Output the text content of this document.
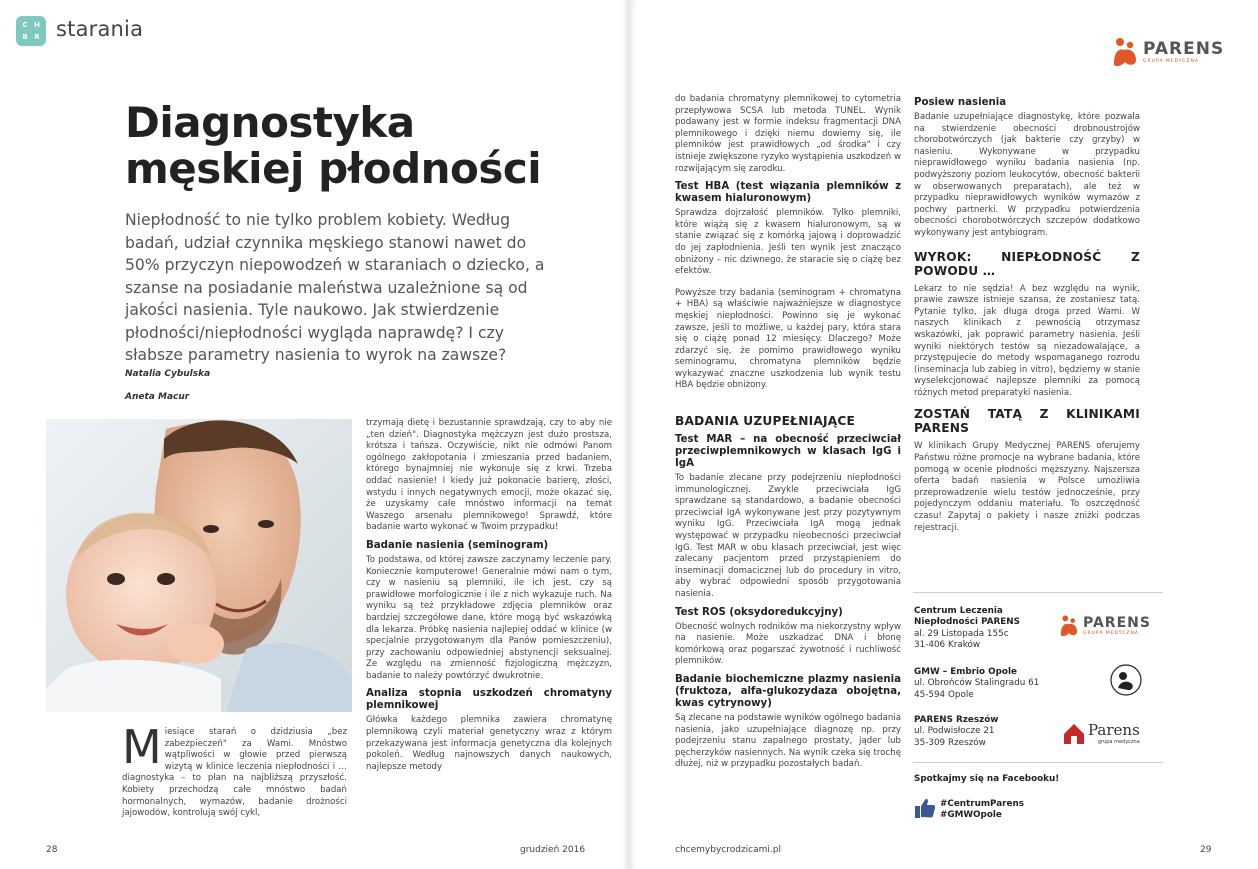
C H
B R starania
Diagnostyka
męskiej płodności
Niepłodność to nie tylko problem kobiety. Według badań, udział czynnika męskiego stanowi nawet do 50% przyczyn niepowodzeń w staraniach o dziecko, a szanse na posiadanie maleństwa uzależnione są od jakości nasienia. Tyle naukowo. Jak stwierdzenie płodności/niepłodności wygląda naprawdę? I czy słabsze parametry nasienia to wyrok na zawsze?
Natalia Cybulska
Aneta Macur

trzymają dietę i bezustannie sprawdzają, czy to aby nie „ten dzień". Diagnostyka mężczyzn jest dużo prostsza, krótsza i tańsza. Oczywiście, nikt nie odmówi Panom ogólnego zakłopotania i zmieszania przed badaniem, którego bynajmniej nie wykonuje się z krwi. Trzeba oddać nasienie! I kiedy już pokonacie barierę, złości, wstydu i innych negatywnych emocji, może okazać się, że uzyskamy całe mnóstwo informacji na temat Waszego arsenału plemnikowego! Sprawdź, które badanie warto wykonać w Twoim przypadku!

Badanie nasienia (seminogram)

To podstawa, od której zawsze zaczynamy leczenie pary. Koniecznie komputerowe! Generalnie mówi nam o tym, czy w nasieniu są plemniki, ile ich jest, czy są prawidłowe morfologicznie i ile z nich wykazuje ruch. Na wyniku są też przykładowe zdjęcia plemników oraz bardziej szczegółowe dane, które mogą być wskazówką dla lekarza. Próbkę nasienia najlepiej oddać w klinice (w specjalnie przygotowanym dla Panów pomieszczeniu), przy zachowaniu odpowiedniej abstynencji seksualnej. Ze względu na zmienność fizjologiczną mężczyzn, badanie to należy powtórzyć dwukrotnie.

Analiza stopnia uszkodzeń chromatyny plemnikowej

Główka każdego plemnika zawiera chromatynę plemnikową czyli materiał genetyczny wraz z którym przekazywana jest informacja genetyczna dla kolejnych pokoleń. Według najnowszych danych naukowych, najlepsze metody

M iesiące starań o dzidziusia „bez zabezpieczeń" za Wami. Mnóstwo wątpliwości w głowie przed pierwszą wizytą w klinice leczenia niepłodności i … diagnostyka – to plan na najbliższą przyszłość. Kobiety przechodzą całe mnóstwo badań hormonalnych, wymazów, badanie drożności jajowodów, kontrolują swój cykl,
28	grudzień 2016
PARENS
GRUPA MEDYCZNA

do badania chromatyny plemnikowej to cytometria przepływowa SCSA lub metoda TUNEL. Wynik podawany jest w formie indeksu fragmentacji DNA plemnikowego i dzięki niemu dowiemy się, ile plemników jest prawidłowych „od środka" i czy istnieje zwiększone ryzyko wystąpienia uszkodzeń w rozwijającym się zarodku.

Test HBA (test wiązania plemników z kwasem hialuronowym)

Sprawdza dojrzałość plemników. Tylko plemniki, które wiążą się z kwasem hialuronowym, są w stanie związać się z komórką jajową i doprowadzić do jej zapłodnienia. Jeśli ten wynik jest znacząco obniżony – nic dziwnego, że staracie się o ciążę bez efektów.

Powyższe trzy badania (seminogram + chromatyna + HBA) są właściwie najważniejsze w diagnostyce męskiej niepłodności. Powinno się je wykonać zawsze, jeśli to możliwe, u każdej pary, która stara się o ciążę ponad 12 miesięcy. Dlaczego? Może zdarzyć się, że pomimo prawidłowego wyniku seminogramu, chromatyna plemników będzie wykazywać znaczne uszkodzenia lub wynik testu HBA będzie obniżony.

BADANIA UZUPEŁNIAJĄCE
Test MAR – na obecność przeciwciał przeciwplemnikowych w klasach IgG i IgA

To badanie zlecane przy podejrzeniu niepłodności immunologicznej. Zwykle przeciwciała IgG sprawdzane są standardowo, a badanie obecności przeciwciał IgA wykonywane jest przy pozytywnym wyniku IgG. Przeciwciała IgA mogą jednak występować w przypadku nieobecności przeciwciał IgG. Test MAR w obu klasach przeciwciał, jest więc zalecany pacjentom przed przystąpieniem do inseminacji domacicznej lub do procedury in vitro, aby wybrać odpowiedni sposób przygotowania nasienia.

Test ROS (oksydoredukcyjny)

Obecność wolnych rodników ma niekorzystny wpływ na nasienie. Może uszkadzać DNA i błonę komórkową oraz pogarszać żywotność i ruchliwość plemników.

Badanie biochemiczne plazmy nasienia (fruktoza, alfa-glukozydaza obojętna, kwas cytrynowy)

Są zlecane na podstawie wyników ogólnego badania nasienia, jako uzupełniające diagnozę np. przy podejrzeniu stanu zapalnego prostaty, jąder lub pęcherzyków nasiennych. Na wynik czeka się trochę dłużej, niż w przypadku pozostałych badań.

Posiew nasienia

Badanie uzupełniające diagnostykę, które pozwala na stwierdzenie obecności drobnoustrojów chorobotwórczych (jak bakterie czy grzyby) w nasieniu. Wykonywane w przypadku nieprawidłowego wyniku badania nasienia (np. podwyższony poziom leukocytów, obecność bakterii w obserwowanych preparatach), ale też w przypadku nieprawidłowych wyników wymazów z pochwy partnerki. W przypadku potwierdzenia obecności chorobotwórczych szczepów dodatkowo wykonywany jest antybiogram.

WYROK: NIEPŁODNOŚĆ Z POWODU …

Lekarz to nie sędzia! A bez względu na wynik, prawie zawsze istnieje szansa, że zostaniesz tatą. Pytanie tylko, jak długa droga przed Wami. W naszych klinikach z pewnością otrzymasz wskazówki, jak poprawić parametry nasienia. Jeśli wyniki niektórych testów są niezadowalające, a przystępujecie do metody wspomaganego rozrodu (inseminacja lub zabieg in vitro), będziemy w stanie wyselekcjonować najlepsze plemniki za pomocą różnych metod preparatyki nasienia.

ZOSTAŃ TATĄ Z KLINIKAMI PARENS

W klinikach Grupy Medycznej PARENS oferujemy Państwu różne promocje na wybrane badania, które pomogą w ocenie płodności męższyzny. Najszersza oferta badań nasienia w Polsce umożliwia przeprowadzenie wielu testów jednocześnie, przy pojedynczym oddaniu materiału. To oszczędność czasu! Zapytaj o pakiety i nasze zniżki podczas rejestracji.

Centrum Leczenia
Niepłodności PARENS
al. 29 Listopada 155c
31-406 Kraków
PARENS
GRUPA MEDYCZNA
GMW – Embrio Opole
ul. Obrońców Stalingradu 61
45-594 Opole
PARENS Rzeszów
ul. Podwisłocze 21
35-309 Rzeszów
Parens
grupa medyczna
Spotkajmy się na Facebooku!
#CentrumParens
#GMWOpole
chcemybycrodzicami.pl	29
